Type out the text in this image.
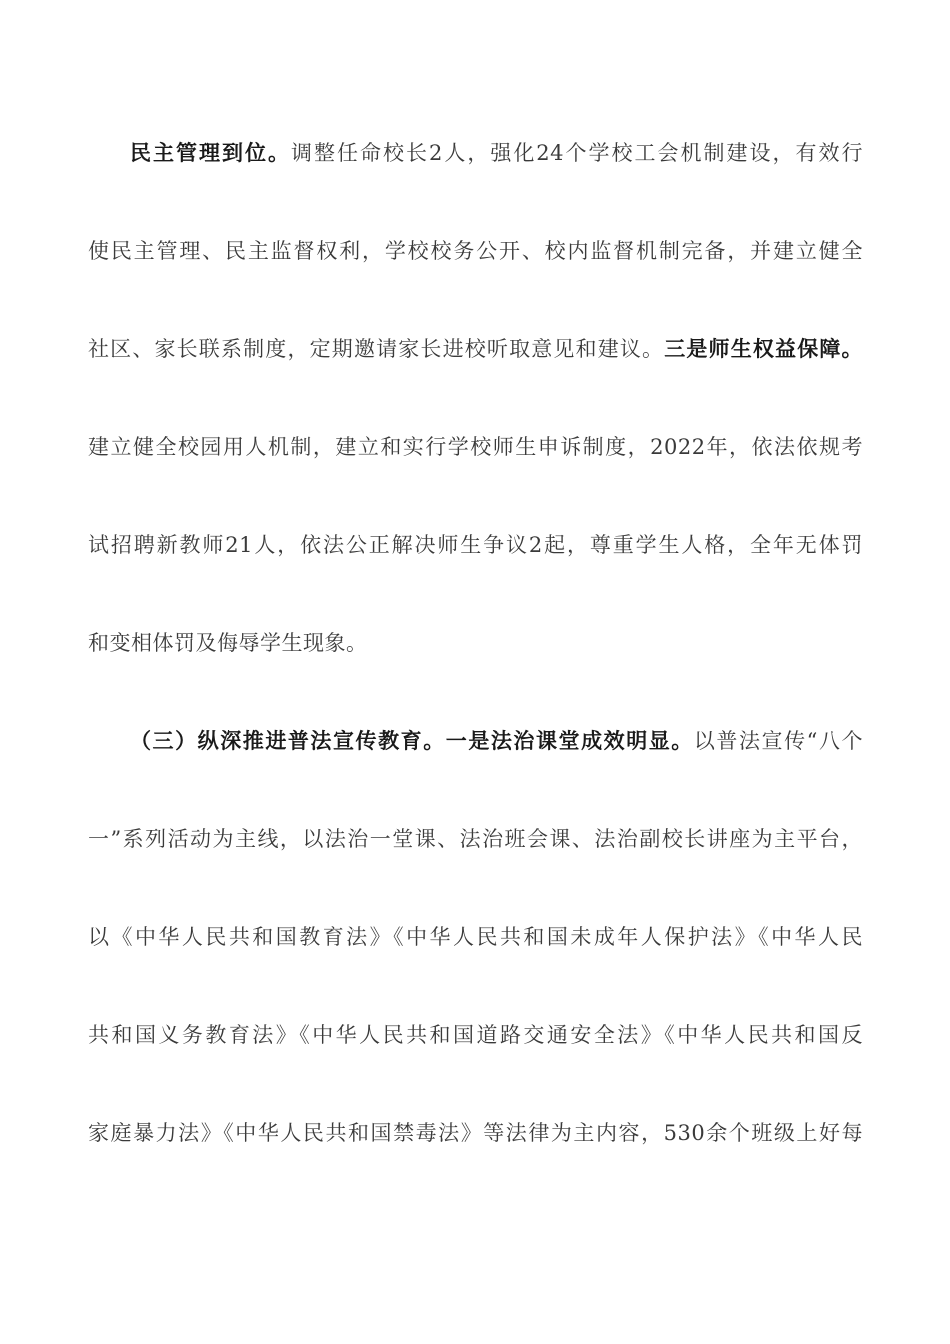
民主管理到位。调整任命校长2人，强化24个学校工会机制建设，有效行
使民主管理、民主监督权利，学校校务公开、校内监督机制完备，并建立健全
社区、家长联系制度，定期邀请家长进校听取意见和建议。三是师生权益保障。
建立健全校园用人机制，建立和实行学校师生申诉制度，2022年，依法依规考
试招聘新教师21人，依法公正解决师生争议2起，尊重学生人格，全年无体罚
和变相体罚及侮辱学生现象。
（三）纵深推进普法宣传教育。一是法治课堂成效明显。以普法宣传“八个
一”系列活动为主线，以法治一堂课、法治班会课、法治副校长讲座为主平台，
以《中华人民共和国教育法》《中华人民共和国未成年人保护法》《中华人民
共和国义务教育法》《中华人民共和国道路交通安全法》《中华人民共和国反
家庭暴力法》《中华人民共和国禁毒法》等法律为主内容，530余个班级上好每
